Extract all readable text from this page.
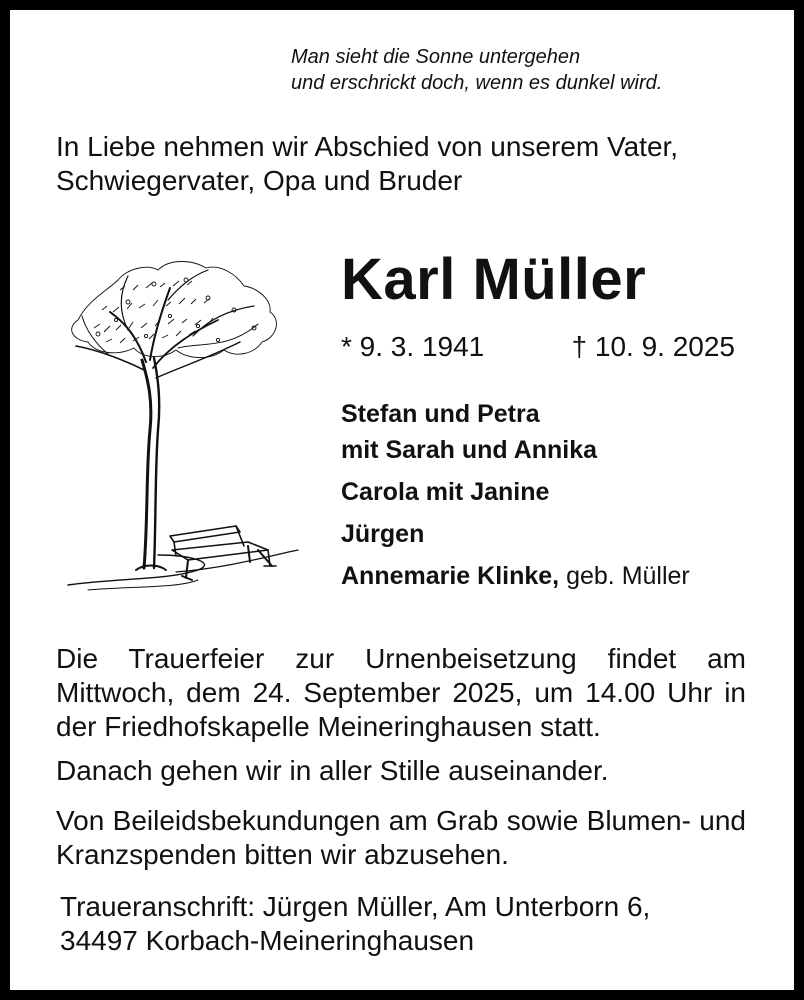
Man sieht die Sonne untergehen
und erschrickt doch, wenn es dunkel wird.
In Liebe nehmen wir Abschied von unserem Vater,
Schwiegervater, Opa und Bruder
Karl Müller
* 9. 3. 1941	† 10. 9. 2025
Stefan und Petra
mit Sarah und Annika
Carola mit Janine
Jürgen
Annemarie Klinke, geb. Müller
Die Trauerfeier zur Urnenbeisetzung findet am Mittwoch, dem 24. September 2025, um 14.00 Uhr in der Friedhofskapelle Meineringhausen statt.
Danach gehen wir in aller Stille auseinander.
Von Beileidsbekundungen am Grab sowie Blumen- und Kranzspenden bitten wir abzusehen.
Traueranschrift: Jürgen Müller, Am Unterborn 6,
34497 Korbach-Meineringhausen
